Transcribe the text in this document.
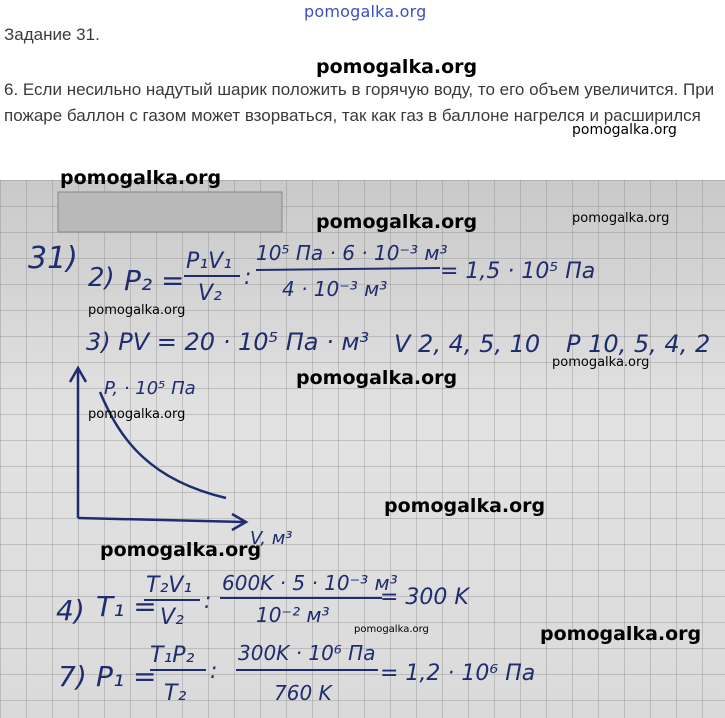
pomogalka.org
Задание 31.
6. Если несильно надутый шарик положить в горячую воду, то его объем увеличится. При пожаре баллон с газом может взорваться, так как газ в баллоне нагрелся и расширился
31)
2) P₂ =
P₁V₁
V₂
:
10⁵ Па · 6 · 10⁻³ м³
4 · 10⁻³ м³
= 1,5 · 10⁵ Па
3) PV = 20 · 10⁵ Па · м³ V 2, 4, 5, 10 P 10, 5, 4, 2
P, · 10⁵ Па
V, м³
4) T₁ =
T₂V₁
V₂
:
600K · 5 · 10⁻³ м³
10⁻² м³
= 300 K
7) P₁ =
T₁P₂
T₂
:
300K · 10⁶ Па
760 K
= 1,2 · 10⁶ Па
pomogalka.org
pomogalka.org
pomogalka.org
pomogalka.org	pomogalka.org
pomogalka.org
pomogalka.org
pomogalka.org
pomogalka.org
pomogalka.org
pomogalka.org
pomogalka.org
pomogalka.org
